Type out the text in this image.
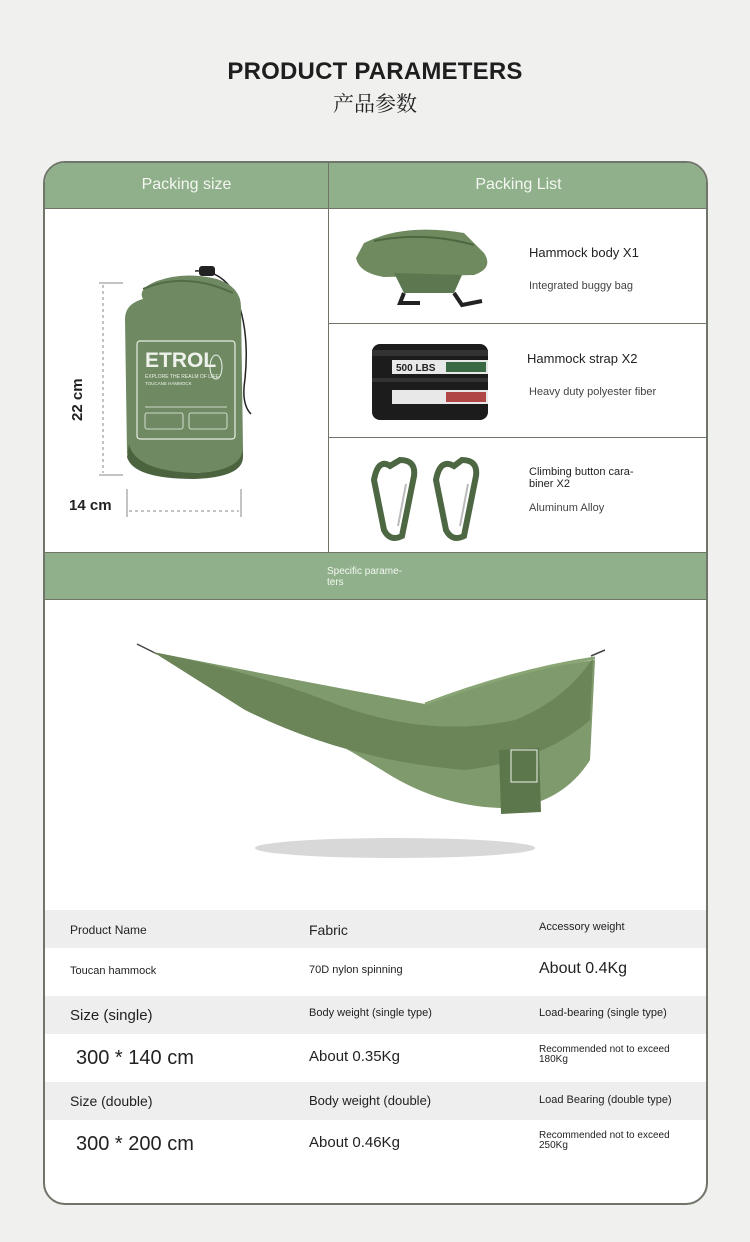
PRODUCT PARAMETERS
产品参数
Packing size	Packing List
ETROL
EXPLORE THE REALM OF LIFE
TOUCANE HAMMOCK
22 cm
14 cm
Hammock body X1
Integrated buggy bag
500 LBS
Hammock strap X2
Heavy duty polyester fiber
Climbing button cara-
biner X2
Aluminum Alloy
Specific parame-
ters
Product Name	Fabric	Accessory weight
Toucan hammock	70D nylon spinning	About 0.4Kg
Size (single)	Body weight (single type)	Load-bearing (single type)
300 * 140 cm	About 0.35Kg	Recommended not to exceed
180Kg
Size (double)	Body weight (double)	Load Bearing (double type)
300 * 200 cm	About 0.46Kg	Recommended not to exceed
250Kg
